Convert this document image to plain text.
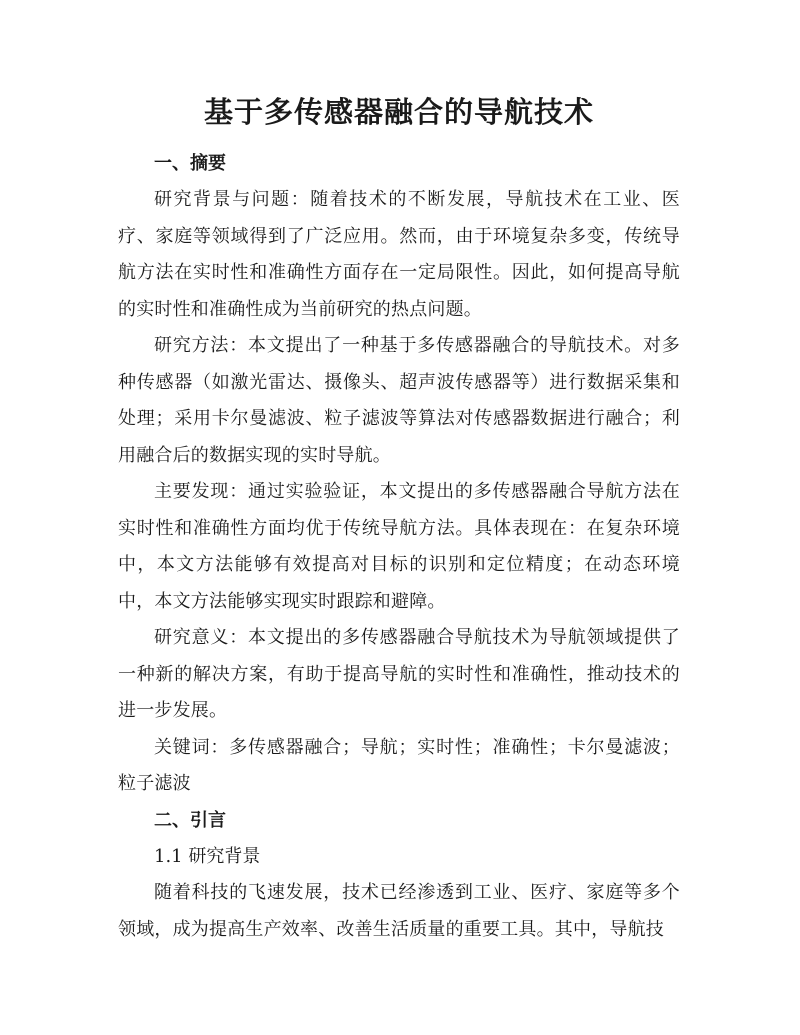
基于多传感器融合的导航技术
一、摘要

研究背景与问题：随着技术的不断发展，导航技术在工业、医疗、家庭等领域得到了广泛应用。然而，由于环境复杂多变，传统导航方法在实时性和准确性方面存在一定局限性。因此，如何提高导航的实时性和准确性成为当前研究的热点问题。

研究方法：本文提出了一种基于多传感器融合的导航技术。对多种传感器（如激光雷达、摄像头、超声波传感器等）进行数据采集和处理；采用卡尔曼滤波、粒子滤波等算法对传感器数据进行融合；利用融合后的数据实现的实时导航。

主要发现：通过实验验证，本文提出的多传感器融合导航方法在实时性和准确性方面均优于传统导航方法。具体表现在：在复杂环境中，本文方法能够有效提高对目标的识别和定位精度；在动态环境中，本文方法能够实现实时跟踪和避障。

研究意义：本文提出的多传感器融合导航技术为导航领域提供了一种新的解决方案，有助于提高导航的实时性和准确性，推动技术的进一步发展。

关键词：多传感器融合；导航；实时性；准确性；卡尔曼滤波；粒子滤波

二、引言

1.1 研究背景

随着科技的飞速发展，技术已经渗透到工业、医疗、家庭等多个领域，成为提高生产效率、改善生活质量的重要工具。其中，导航技
